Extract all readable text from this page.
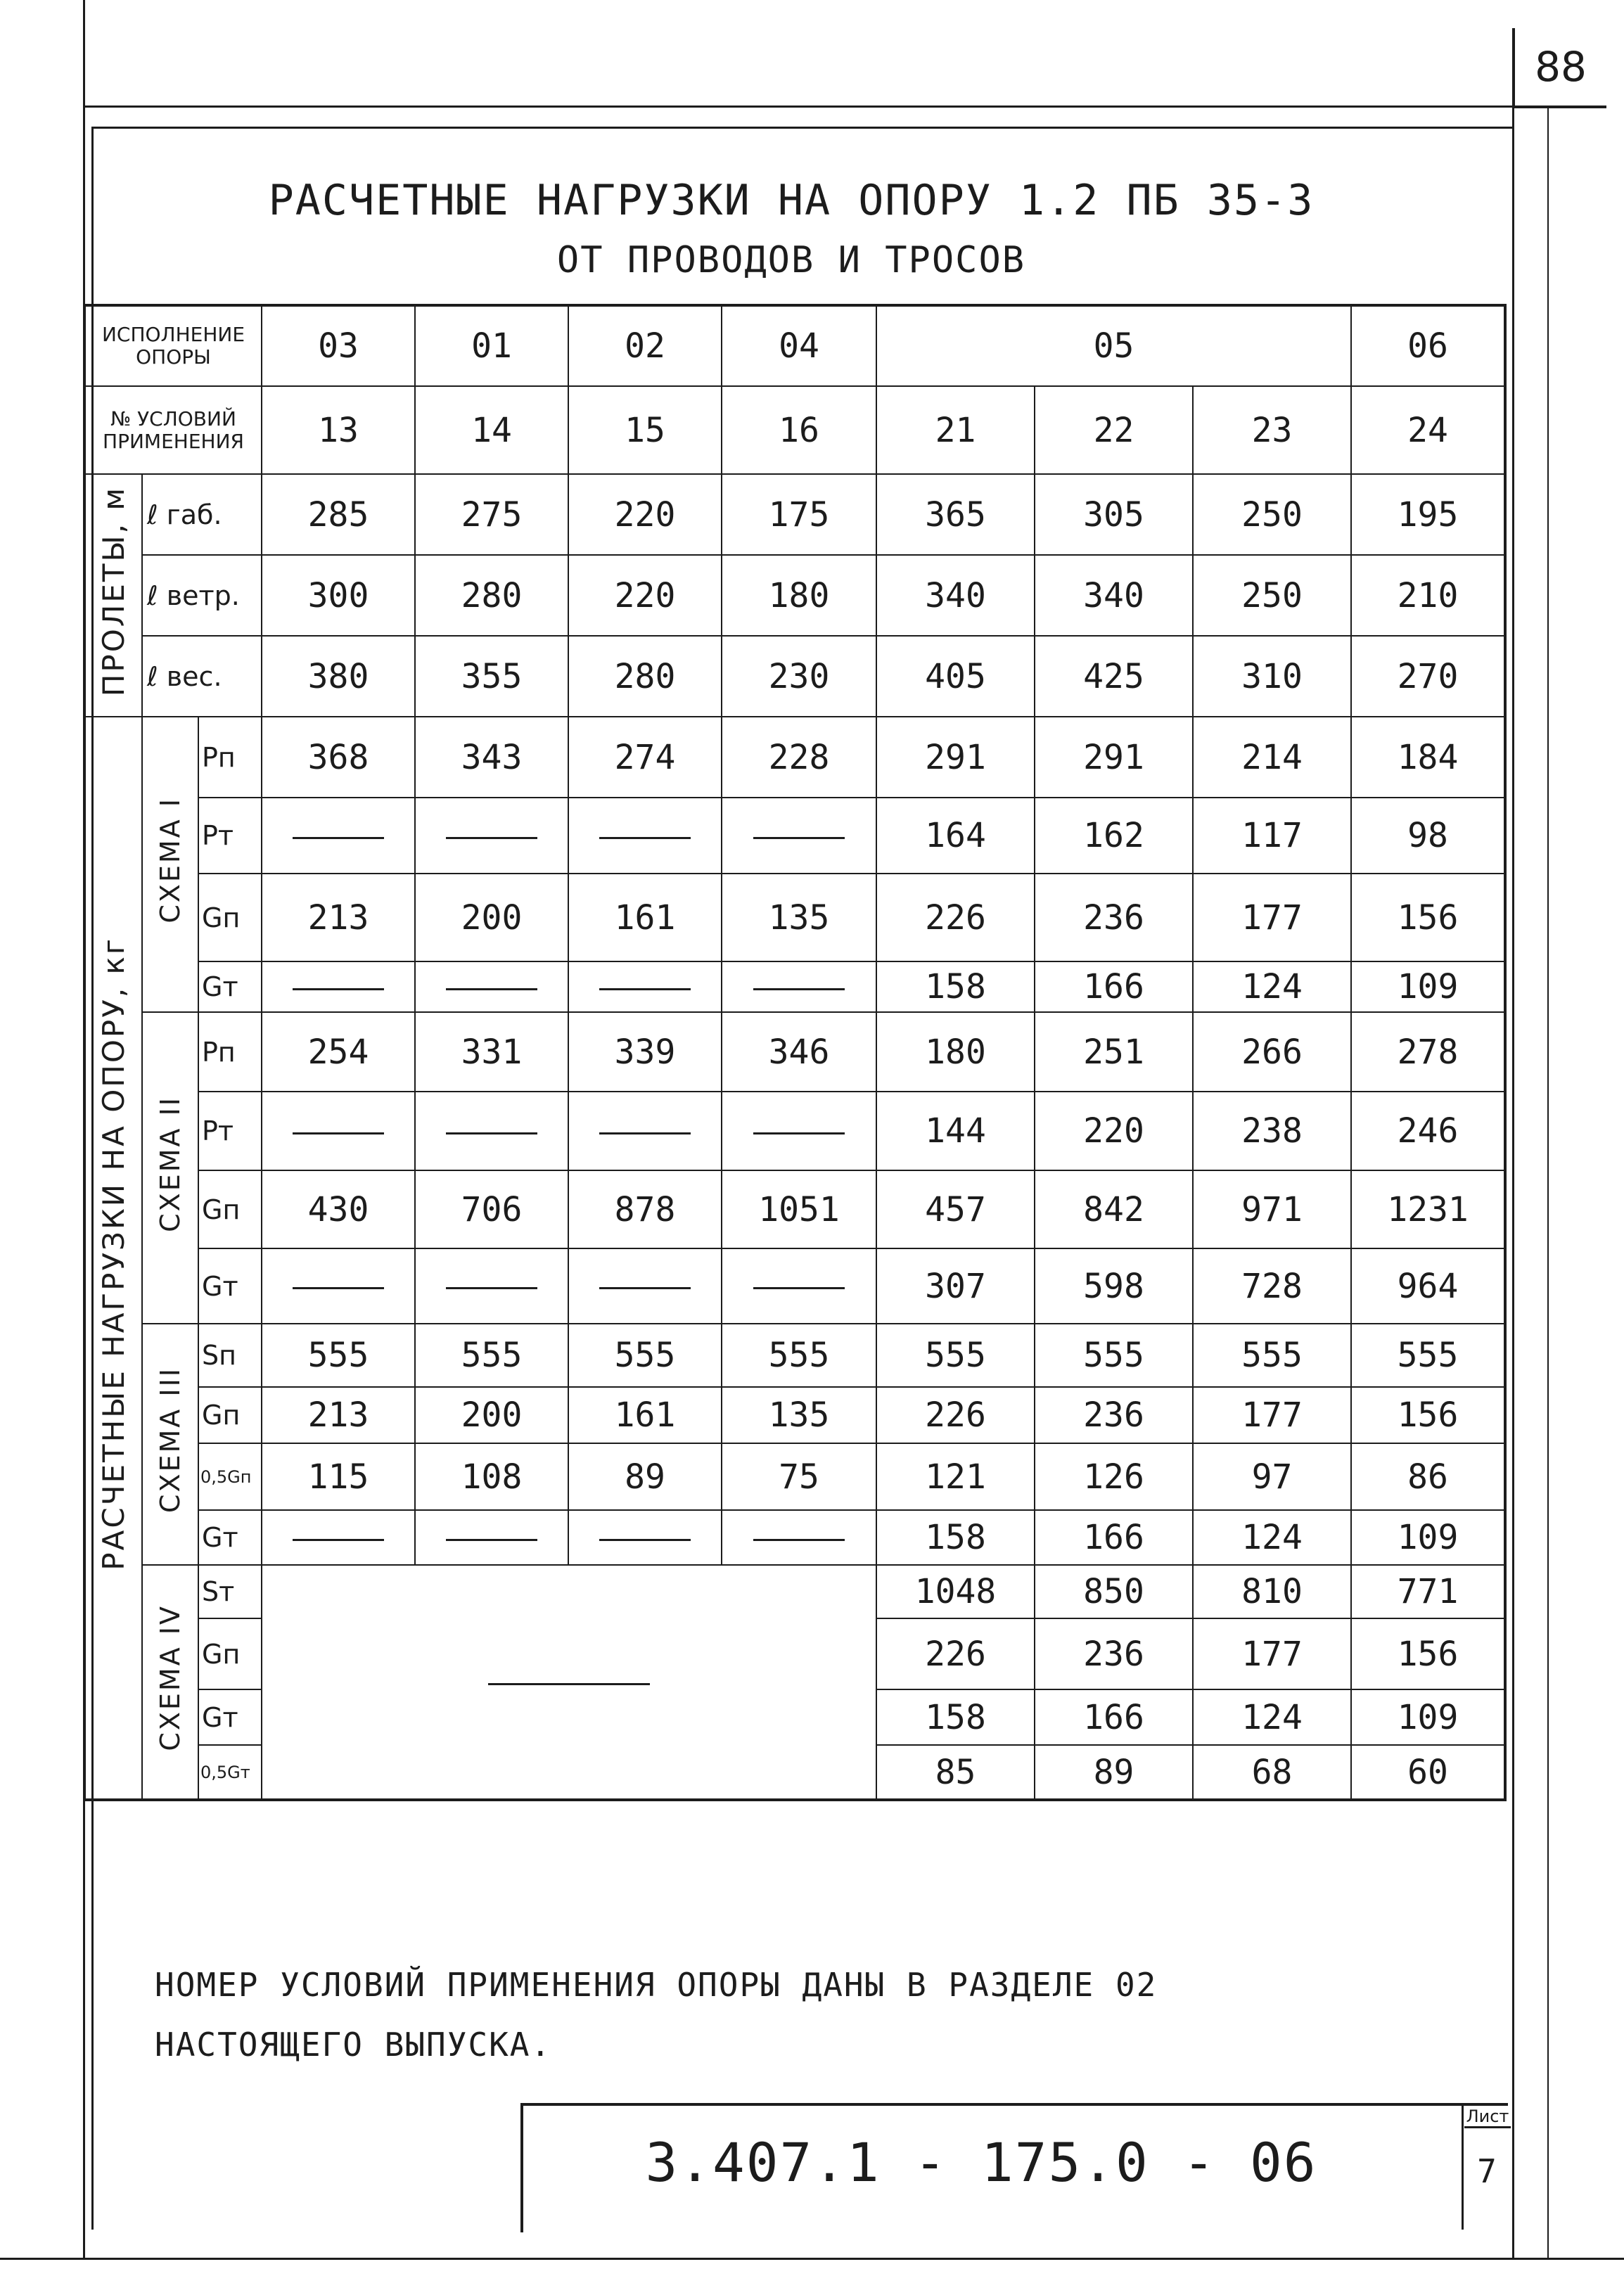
88
РАСЧЕТНЫЕ НАГРУЗКИ НА ОПОРУ 1.2 ПБ 35-3
ОТ ПРОВОДОВ И ТРОСОВ
ИСПОЛНЕНИЕ ОПОРЫ			03	01	02	04	05			06
№ УСЛОВИЙ ПРИМЕНЕНИЯ			13	14	15	16	21	22	23	24
ПРОЛЕТЫ, м	ℓ габ.		285	275	220	175	365	305	250	195
	ℓ ветр.		300	280	220	180	340	340	250	210
	ℓ вес.		380	355	280	230	405	425	310	270
РАСЧЕТНЫЕ НАГРУЗКИ НА ОПОРУ, кг	СХЕМА I	Pп	368	343	274	228	291	291	214	184
		Pт					164	162	117	98
		Gп	213	200	161	135	226	236	177	156
		Gт					158	166	124	109
	СХЕМА II	Pп	254	331	339	346	180	251	266	278
		Pт					144	220	238	246
		Gп	430	706	878	1051	457	842	971	1231
		Gт					307	598	728	964
	СХЕМА III	Sп	555	555	555	555	555	555	555	555
		Gп	213	200	161	135	226	236	177	156
		0,5Gп	115	108	89	75	121	126	97	86
		Gт					158	166	124	109
	СХЕМА IV	Sт					1048	850	810	771
		Gп					226	236	177	156
		Gт					158	166	124	109
		0,5Gт					85	89	68	60
НОМЕР УСЛОВИЙ ПРИМЕНЕНИЯ ОПОРЫ ДАНЫ В РАЗДЕЛЕ 02
НАСТОЯЩЕГО ВЫПУСКА.
3.407.1 - 175.0 - 06
Лист
7
